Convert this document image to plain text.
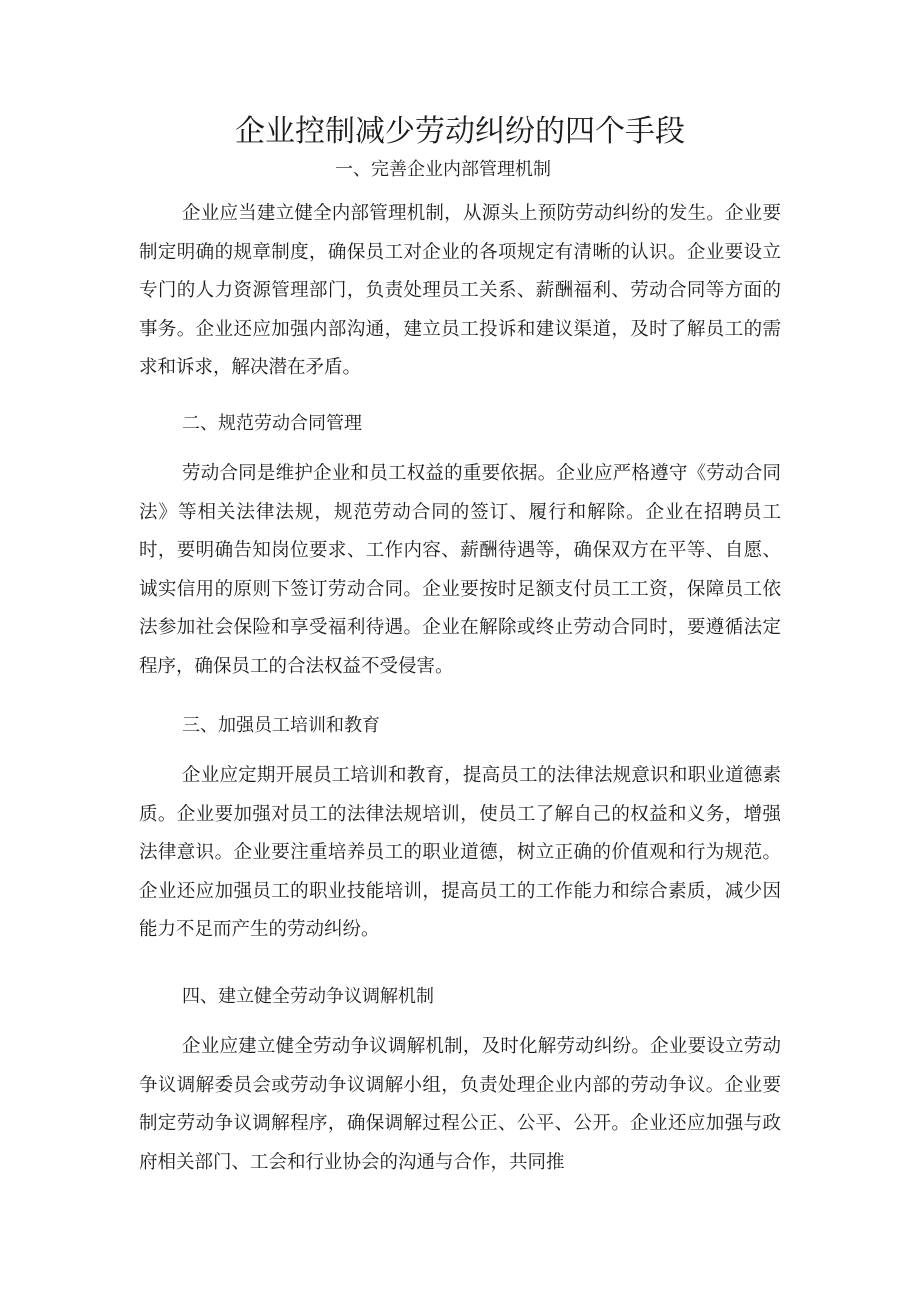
企业控制减少劳动纠纷的四个手段
一、完善企业内部管理机制

企业应当建立健全内部管理机制，从源头上预防劳动纠纷的发生。企业要制定明确的规章制度，确保员工对企业的各项规定有清晰的认识。企业要设立专门的人力资源管理部门，负责处理员工关系、薪酬福利、劳动合同等方面的事务。企业还应加强内部沟通，建立员工投诉和建议渠道，及时了解员工的需求和诉求，解决潜在矛盾。

二、规范劳动合同管理

劳动合同是维护企业和员工权益的重要依据。企业应严格遵守《劳动合同法》等相关法律法规，规范劳动合同的签订、履行和解除。企业在招聘员工时，要明确告知岗位要求、工作内容、薪酬待遇等，确保双方在平等、自愿、诚实信用的原则下签订劳动合同。企业要按时足额支付员工工资，保障员工依法参加社会保险和享受福利待遇。企业在解除或终止劳动合同时，要遵循法定程序，确保员工的合法权益不受侵害。

三、加强员工培训和教育

企业应定期开展员工培训和教育，提高员工的法律法规意识和职业道德素质。企业要加强对员工的法律法规培训，使员工了解自己的权益和义务，增强法律意识。企业要注重培养员工的职业道德，树立正确的价值观和行为规范。企业还应加强员工的职业技能培训，提高员工的工作能力和综合素质，减少因能力不足而产生的劳动纠纷。

四、建立健全劳动争议调解机制

企业应建立健全劳动争议调解机制，及时化解劳动纠纷。企业要设立劳动争议调解委员会或劳动争议调解小组，负责处理企业内部的劳动争议。企业要制定劳动争议调解程序，确保调解过程公正、公平、公开。企业还应加强与政府相关部门、工会和行业协会的沟通与合作，共同推
